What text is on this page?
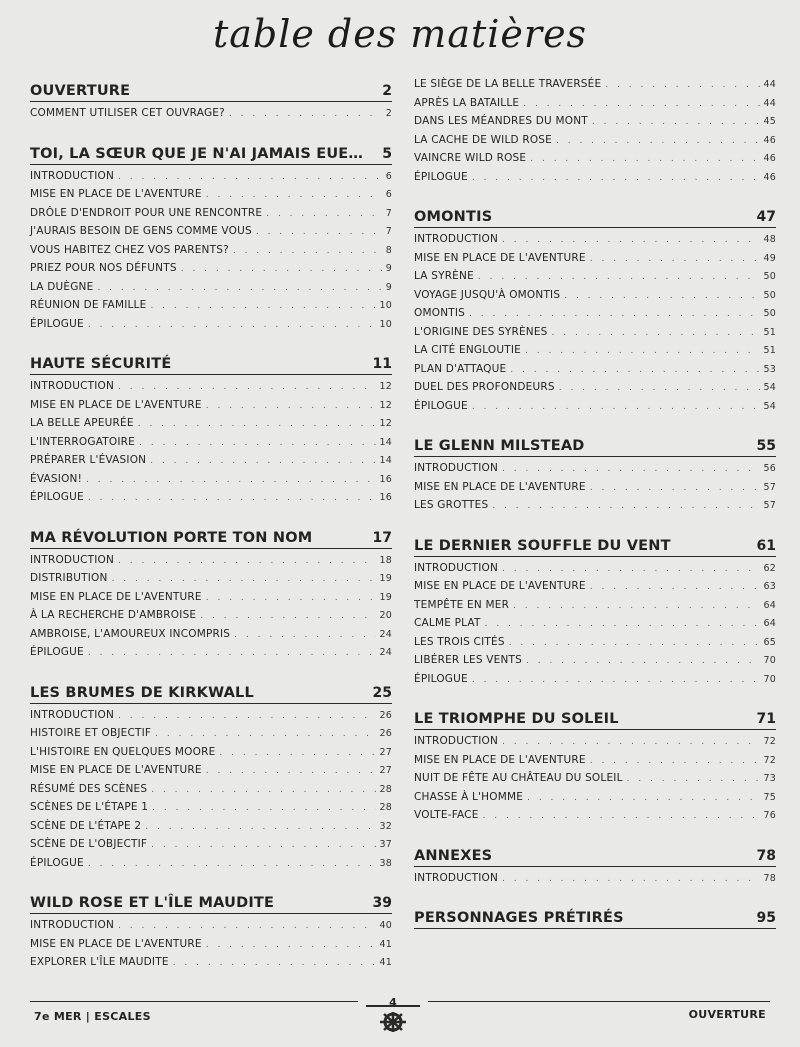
table des matières
OUVERTURE	2
COMMENT UTILISER CET OUVRAGE? . . .	2
TOI, LA SŒUR QUE JE N'AI JAMAIS EUE… 5
INTRODUCTION . . .	6
MISE EN PLACE DE L'AVENTURE . . .	6
DRÔLE D'ENDROIT POUR UNE RENCONTRE . . .	7
J'AURAIS BESOIN DE GENS COMME VOUS . . .	7
VOUS HABITEZ CHEZ VOS PARENTS? . . .	8
PRIEZ POUR NOS DÉFUNTS . . .	9
LA DUÈGNE . . .	9
RÉUNION DE FAMILLE . . .	10
ÉPILOGUE . . .	10
HAUTE SÉCURITÉ	11
INTRODUCTION . . .	12
MISE EN PLACE DE L'AVENTURE . . .	12
LA BELLE APEURÉE . . .	12
L'INTERROGATOIRE . . .	14
PRÉPARER L'ÉVASION . . .	14
ÉVASION! . . .	16
ÉPILOGUE . . .	16
MA RÉVOLUTION PORTE TON NOM	17
INTRODUCTION . . .	18
DISTRIBUTION . . .	19
MISE EN PLACE DE L'AVENTURE . . .	19
À LA RECHERCHE D'AMBROISE . . .	20
AMBROISE, L'AMOUREUX INCOMPRIS . . .	24
ÉPILOGUE . . .	24
LES BRUMES DE KIRKWALL	25
INTRODUCTION . . .	26
HISTOIRE ET OBJECTIF . . .	26
L'HISTOIRE EN QUELQUES MOORE . . .	27
MISE EN PLACE DE L'AVENTURE . . .	27
RÉSUMÉ DES SCÈNES . . .	28
SCÈNES DE L'ÉTAPE 1 . . .	28
SCÈNE DE L'ÉTAPE 2 . . .	32
SCÈNE DE L'OBJECTIF . . .	37
ÉPILOGUE . . .	38
WILD ROSE ET L'ÎLE MAUDITE	39
INTRODUCTION . . .	40
MISE EN PLACE DE L'AVENTURE . . .	41
EXPLORER L'ÎLE MAUDITE . . .	41
LE SIÈGE DE LA BELLE TRAVERSÉE . . .	44
APRÈS LA BATAILLE . . .	44
DANS LES MÉANDRES DU MONT . . .	45
LA CACHE DE WILD ROSE . . .	46
VAINCRE WILD ROSE . . .	46
ÉPILOGUE . . .	46
OMONTIS	47
INTRODUCTION . . .	48
MISE EN PLACE DE L'AVENTURE . . .	49
LA SYRÈNE . . .	50
VOYAGE JUSQU'À OMONTIS . . .	50
OMONTIS . . .	50
L'ORIGINE DES SYRÈNES . . .	51
LA CITÉ ENGLOUTIE . . .	51
PLAN D'ATTAQUE . . .	53
DUEL DES PROFONDEURS . . .	54
ÉPILOGUE . . .	54
LE GLENN MILSTEAD	55
INTRODUCTION . . .	56
MISE EN PLACE DE L'AVENTURE . . .	57
LES GROTTES . . .	57
LE DERNIER SOUFFLE DU VENT	61
INTRODUCTION . . .	62
MISE EN PLACE DE L'AVENTURE . . .	63
TEMPÊTE EN MER . . .	64
CALME PLAT . . .	64
LES TROIS CITÉS . . .	65
LIBÉRER LES VENTS . . .	70
ÉPILOGUE . . .	70
LE TRIOMPHE DU SOLEIL	71
INTRODUCTION . . .	72
MISE EN PLACE DE L'AVENTURE . . .	72
NUIT DE FÊTE AU CHÂTEAU DU SOLEIL . . .	73
CHASSE À L'HOMME . . .	75
VOLTE-FACE . . .	76
ANNEXES	78
INTRODUCTION . . .	78
PERSONNAGES PRÉTIRÉS	95
7e MER | ESCALES
4
OUVERTURE
